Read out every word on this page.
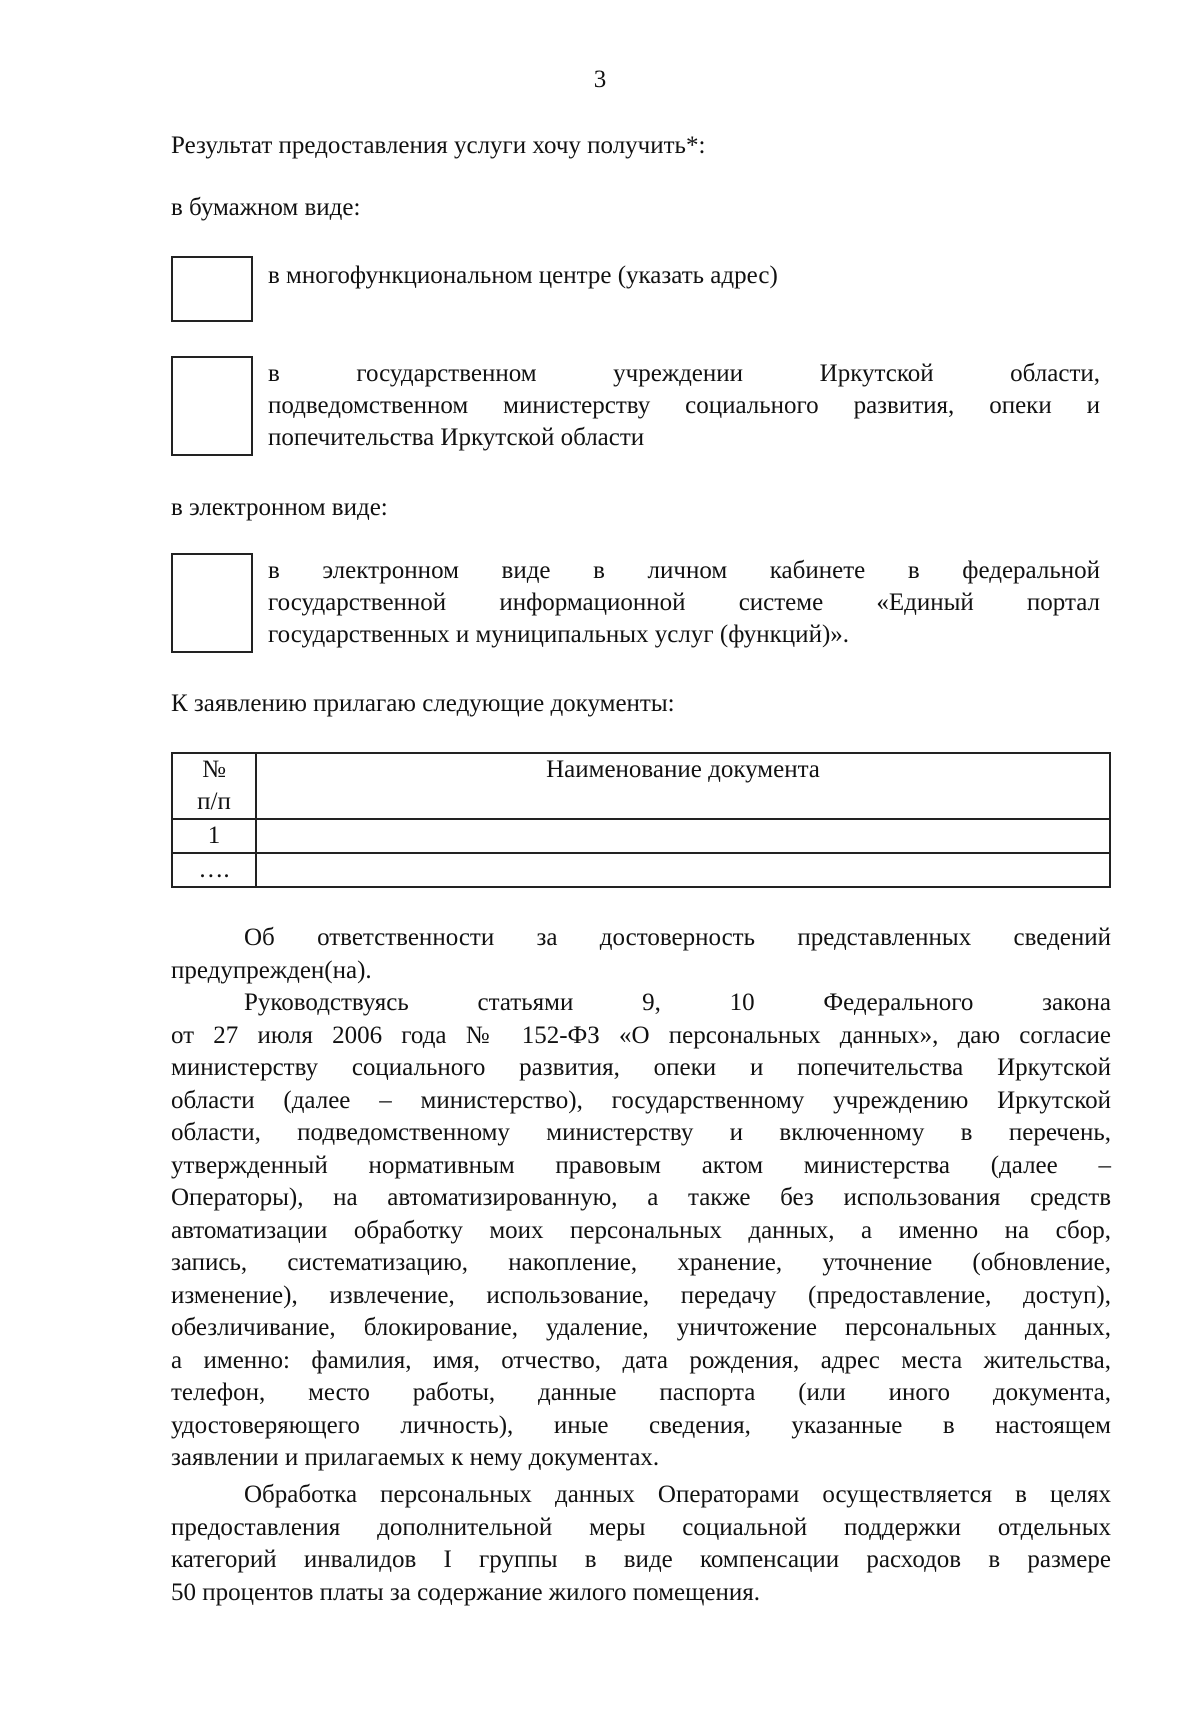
3
Результат предоставления услуги хочу получить*:
в бумажном виде:
в многофункциональном центре (указать адрес)
в государственном учреждении Иркутской области,
подведомственном министерству социального развития, опеки и
попечительства Иркутской области
в электронном виде:
в электронном виде в личном кабинете в федеральной
государственной информационной системе «Единый портал
государственных и муниципальных услуг (функций)».
К заявлению прилагаю следующие документы:
№
п/п	Наименование документа
1	
….	
Об ответственности за достоверность представленных сведений
предупрежден(на).
Руководствуясь статьями 9, 10 Федерального закона
от 27 июля 2006 года № 152-ФЗ «О персональных данных», даю согласие
министерству социального развития, опеки и попечительства Иркутской
области (далее – министерство), государственному учреждению Иркутской
области, подведомственному министерству и включенному в перечень,
утвержденный нормативным правовым актом министерства (далее –
Операторы), на автоматизированную, а также без использования средств
автоматизации обработку моих персональных данных, а именно на сбор,
запись, систематизацию, накопление, хранение, уточнение (обновление,
изменение), извлечение, использование, передачу (предоставление, доступ),
обезличивание, блокирование, удаление, уничтожение персональных данных,
а именно: фамилия, имя, отчество, дата рождения, адрес места жительства,
телефон, место работы, данные паспорта (или иного документа,
удостоверяющего личность), иные сведения, указанные в настоящем
заявлении и прилагаемых к нему документах.
Обработка персональных данных Операторами осуществляется в целях
предоставления дополнительной меры социальной поддержки отдельных
категорий инвалидов I группы в виде компенсации расходов в размере
50 процентов платы за содержание жилого помещения.
